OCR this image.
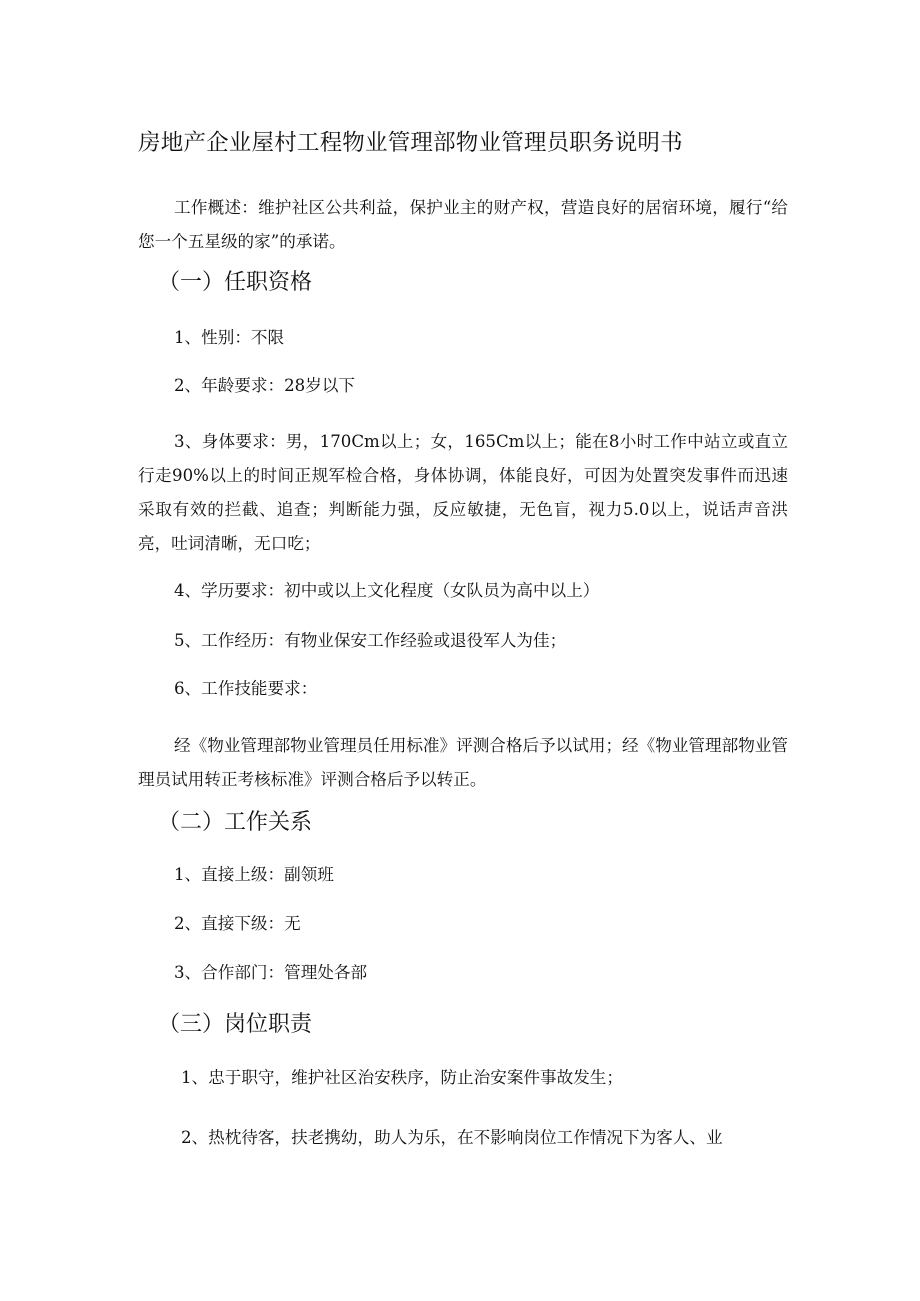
房地产企业屋村工程物业管理部物业管理员职务说明书

工作概述：维护社区公共利益，保护业主的财产权，营造良好的居宿环境，履行“给您一个五星级的家”的承诺。

（一）任职资格

1、性别：不限

2、年龄要求：28岁以下

3、身体要求：男，170Cm以上；女，165Cm以上；能在8小时工作中站立或直立行走90%以上的时间正规军检合格，身体协调，体能良好，可因为处置突发事件而迅速采取有效的拦截、追查；判断能力强，反应敏捷，无色盲，视力5.0以上，说话声音洪亮，吐词清晰，无口吃；

4、学历要求：初中或以上文化程度（女队员为高中以上）

5、工作经历：有物业保安工作经验或退役军人为佳；

6、工作技能要求：

经《物业管理部物业管理员任用标准》评测合格后予以试用；经《物业管理部物业管理员试用转正考核标准》评测合格后予以转正。

（二）工作关系

1、直接上级：副领班

2、直接下级：无

3、合作部门：管理处各部

（三）岗位职责

1、忠于职守，维护社区治安秩序，防止治安案件事故发生；

2、热枕待客，扶老携幼，助人为乐，在不影响岗位工作情况下为客人、业
